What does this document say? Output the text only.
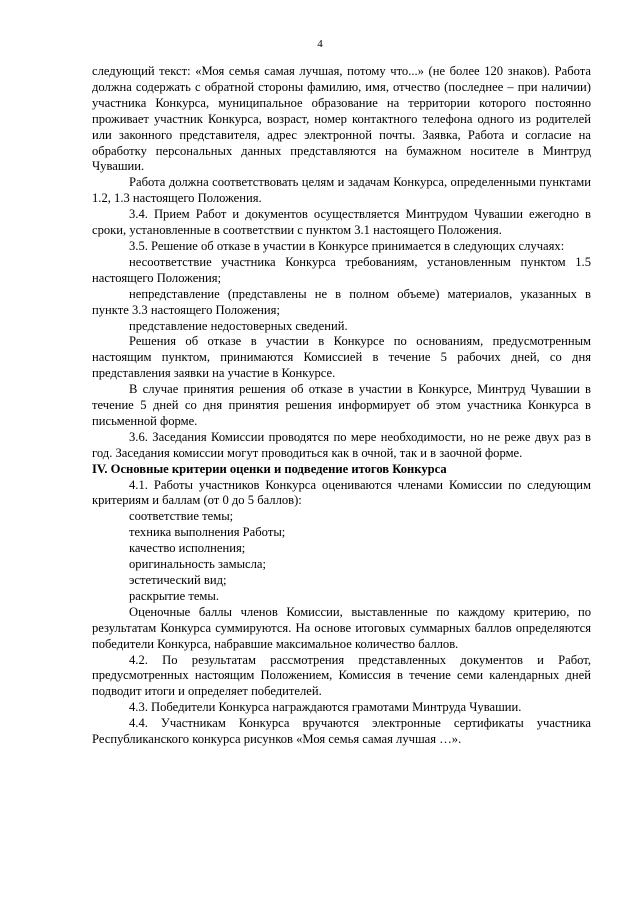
4

следующий текст: «Моя семья самая лучшая, потому что...» (не более 120 знаков). Работа должна содержать с обратной стороны фамилию, имя, отчество (последнее – при наличии) участника Конкурса, муниципальное образование на территории которого постоянно проживает участник Конкурса, возраст, номер контактного телефона одного из родителей или законного представителя, адрес электронной почты. Заявка, Работа и согласие на обработку персональных данных представляются на бумажном носителе в Минтруд Чувашии.

Работа должна соответствовать целям и задачам Конкурса, определенными пунктами 1.2, 1.3 настоящего Положения.

3.4. Прием Работ и документов осуществляется Минтрудом Чувашии ежегодно в сроки, установленные в соответствии с пунктом 3.1 настоящего Положения.

3.5. Решение об отказе в участии в Конкурсе принимается в следующих случаях:

несоответствие участника Конкурса требованиям, установленным пунктом 1.5 настоящего Положения;

непредставление (представлены не в полном объеме) материалов, указанных в пункте 3.3 настоящего Положения;

представление недостоверных сведений.

Решения об отказе в участии в Конкурсе по основаниям, предусмотренным настоящим пунктом, принимаются Комиссией в течение 5 рабочих дней, со дня представления заявки на участие в Конкурсе.

В случае принятия решения об отказе в участии в Конкурсе, Минтруд Чувашии в течение 5 дней со дня принятия решения информирует об этом участника Конкурса в письменной форме.

3.6. Заседания Комиссии проводятся по мере необходимости, но не реже двух раз в год. Заседания комиссии могут проводиться как в очной, так и в заочной форме.

IV. Основные критерии оценки и подведение итогов Конкурса

4.1. Работы участников Конкурса оцениваются членами Комиссии по следующим критериям и баллам (от 0 до 5 баллов):

соответствие темы;

техника выполнения Работы;

качество исполнения;

оригинальность замысла;

эстетический вид;

раскрытие темы.

Оценочные баллы членов Комиссии, выставленные по каждому критерию, по результатам Конкурса суммируются. На основе итоговых суммарных баллов определяются победители Конкурса, набравшие максимальное количество баллов.

4.2. По результатам рассмотрения представленных документов и Работ, предусмотренных настоящим Положением, Комиссия в течение семи календарных дней подводит итоги и определяет победителей.

4.3. Победители Конкурса награждаются грамотами Минтруда Чувашии.

4.4. Участникам Конкурса вручаются электронные сертификаты участника Республиканского конкурса рисунков «Моя семья самая лучшая …».
